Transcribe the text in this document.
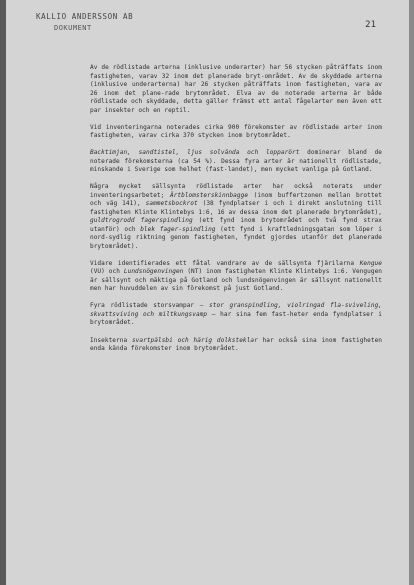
KALLIO ANDERSSON AB
DOKUMENT	21

Av de rödlistade arterna (inklusive underarter) har 56 stycken påträffats inom fastigheten, varav 32 inom det planerade bryt-området. Av de skyddade arterna (inklusive underarterna) har 26 stycken påträffats inom fastigheten, vara av 26 inom det plane-rade brytområdet. Elva av de noterade arterna är både rödlistade och skyddade, detta gäller främst ett antal fågelarter men även ett par insekter och en reptil.

Vid inventeringarna noterades cirka 900 förekomster av rödlistade arter inom fastigheten, varav cirka 370 stycken inom brytområdet.

Backtimjan, sandtistel, ljus solvända och lopparört dominerar bland de noterade förekomsterna (ca 54 %). Dessa fyra arter är nationellt rödlistade, minskande i Sverige som helhet (fast-landet), men mycket vanliga på Gotland.

Några mycket sällsynta rödlistade arter har också noterats under inventeringsarbetet; Ärtblomsterskinnbagge (inom buffertzonen mellan brottet och väg 141), sammetsbockrot (38 fyndplatser i och i direkt anslutning till fastigheten Klinte Klintebys 1:6, 16 av dessa inom det planerade brytområdet), guldtrogrodd fagerspindling (ett fynd inom brytområdet och två fynd strax utanför) och blek fager-spindling (ett fynd i kraftledningsgatan som löper i nord-sydlig riktning genom fastigheten, fyndet gjordes utanför det planerade brytområdet).

Vidare identifierades ett fåtal vandrare av de sällsynta fjärilarna Kengue (VU) och Lundsnögenvingen (NT) inom fastigheten Klinte Klintebys 1:6. Vengugen är sällsynt och mäktiga på Gotland och lundsnögenvingen är sällsynt nationellt men har huvuddelen av sin förekomst på just Gotland.

Fyra rödlistade storsvampar – stor granspindling, violringad fla-sviveling, skvattsviving och miltkungsvamp – har sina fem fast-heter enda fyndplatser i brytområdet.

Insekterna svartpälsbi och härig dolksteklar har också sina inom fastigheten enda kända förekomster inom brytområdet.
